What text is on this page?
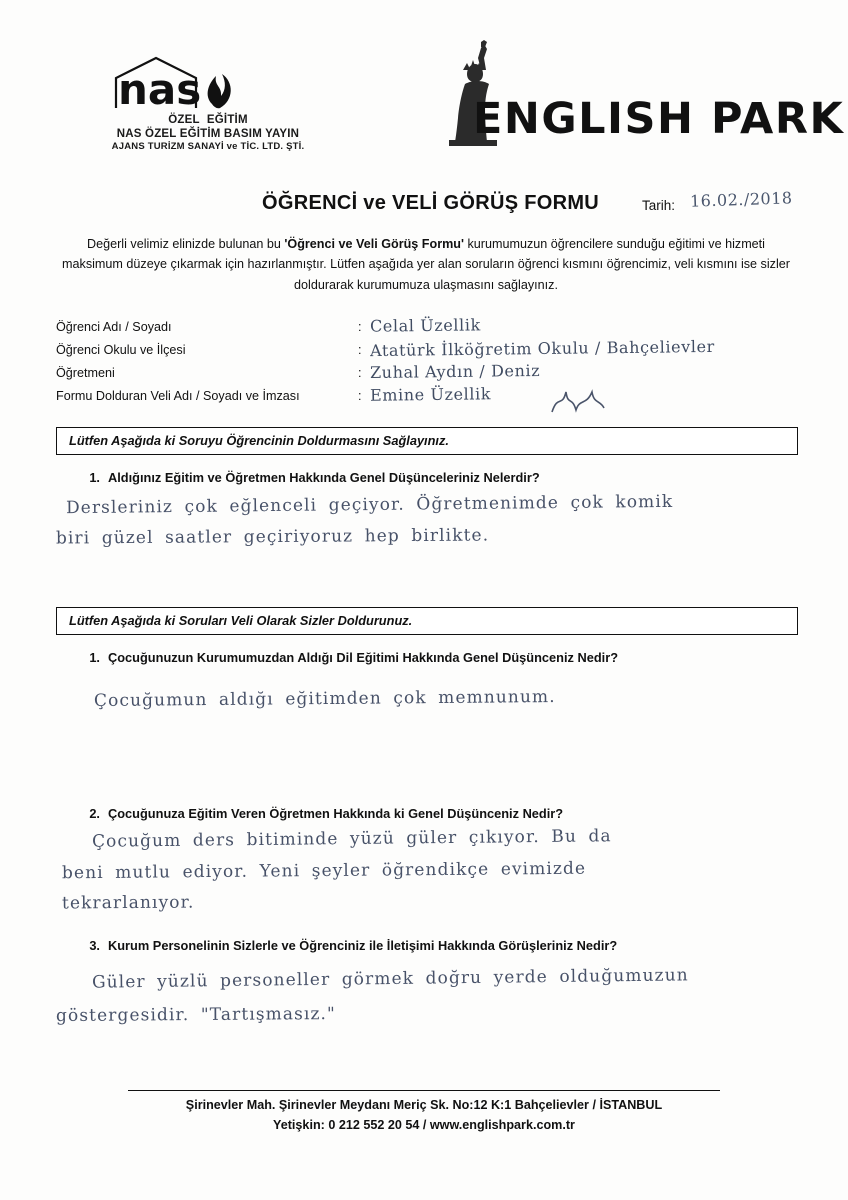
nas
ÖZEL EĞİTİM
NAS ÖZEL EĞİTİM BASIM YAYIN
AJANS TURİZM SANAYİ ve TİC. LTD. ŞTİ.
ENGLISH PARK
ÖĞRENCİ ve VELİ GÖRÜŞ FORMU	Tarih: 16.02./2018
Değerli velimiz elinizde bulunan bu 'Öğrenci ve Veli Görüş Formu' kurumumuzun öğrencilere sunduğu eğitimi ve hizmeti maksimum düzeye çıkarmak için hazırlanmıştır. Lütfen aşağıda yer alan soruların öğrenci kısmını öğrencimiz, veli kısmını ise sizler doldurarak kurumumuza ulaşmasını sağlayınız.
Öğrenci Adı / Soyadı	: Celal Üzellik
Öğrenci Okulu ve İlçesi	: Atatürk İlköğretim Okulu / Bahçelievler
Öğretmeni	: Zuhal Aydın / Deniz
Formu Dolduran Veli Adı / Soyadı ve İmzası	: Emine Üzellik
Lütfen Aşağıda ki Soruyu Öğrencinin Doldurmasını Sağlayınız.
1. Aldığınız Eğitim ve Öğretmen Hakkında Genel Düşünceleriniz Nelerdir?
Dersleriniz çok eğlenceli geçiyor. Öğretmenimde çok komik
biri güzel saatler geçiriyoruz hep birlikte.
Lütfen Aşağıda ki Soruları Veli Olarak Sizler Doldurunuz.
1. Çocuğunuzun Kurumumuzdan Aldığı Dil Eğitimi Hakkında Genel Düşünceniz Nedir?
Çocuğumun aldığı eğitimden çok memnunum.
2. Çocuğunuza Eğitim Veren Öğretmen Hakkında ki Genel Düşünceniz Nedir?
Çocuğum ders bitiminde yüzü güler çıkıyor. Bu da
beni mutlu ediyor. Yeni şeyler öğrendikçe evimizde
tekrarlanıyor.
3. Kurum Personelinin Sizlerle ve Öğrenciniz ile İletişimi Hakkında Görüşleriniz Nedir?
Güler yüzlü personeller görmek doğru yerde olduğumuzun
göstergesidir. "Tartışmasız."
Şirinevler Mah. Şirinevler Meydanı Meriç Sk. No:12 K:1 Bahçelievler / İSTANBUL
Yetişkin: 0 212 552 20 54 / www.englishpark.com.tr
